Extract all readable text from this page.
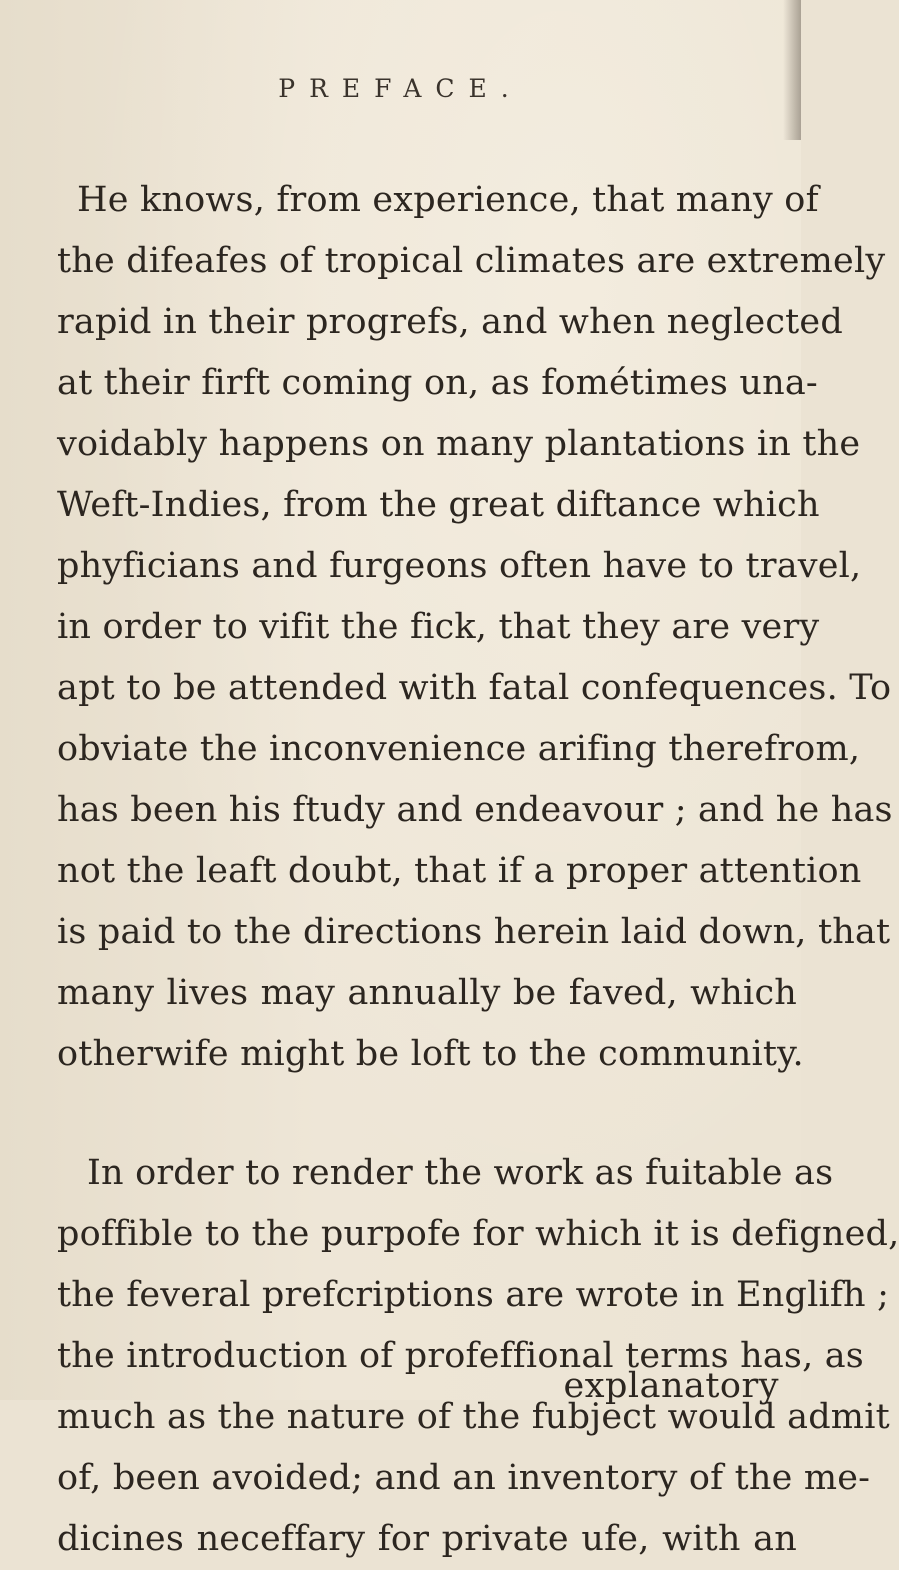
PREFACE.
He knows, from experience, that many of
the difeafes of tropical climates are extremely
rapid in their progrefs, and when neglected
at their firft coming on, as fométimes una-
voidably happens on many plantations in the
Weft-Indies, from the great diftance which
phyficians and furgeons often have to travel,
in order to vifit the fick, that they are very
apt to be attended with fatal confequences. To
obviate the inconvenience arifing therefrom,
has been his ftudy and endeavour ; and he has
not the leaft doubt, that if a proper attention
is paid to the directions herein laid down, that
many lives may annually be faved, which
otherwife might be loft to the community.
In order to render the work as fuitable as
poffible to the purpofe for which it is defigned,
the feveral prefcriptions are wrote in Englifh ;
the introduction of profeffional terms has, as
much as the nature of the fubject would admit
of, been avoided; and an inventory of the me-
dicines neceffary for private ufe, with an
explanatory
